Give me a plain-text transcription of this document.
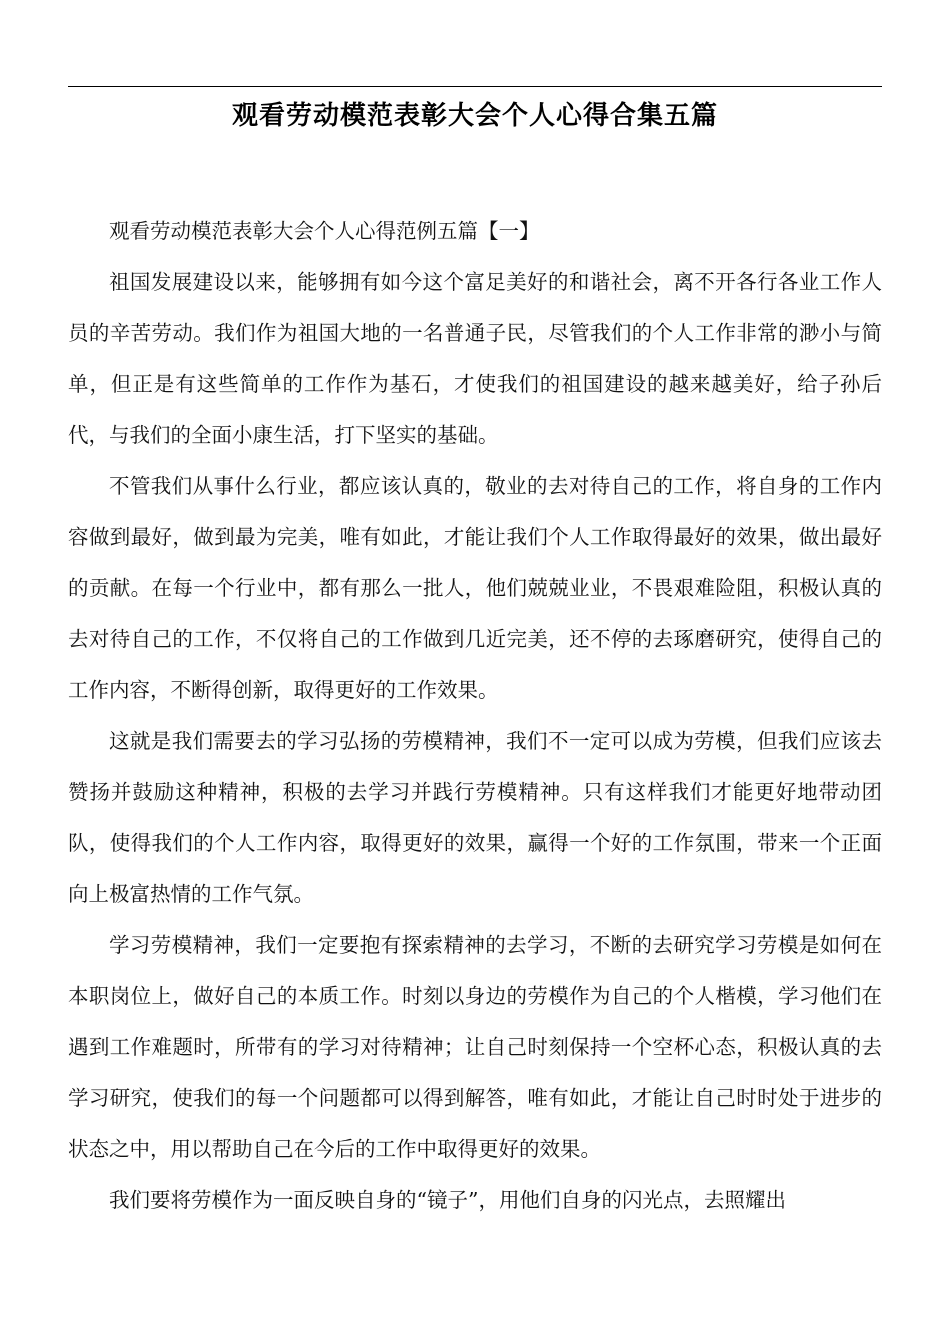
观看劳动模范表彰大会个人心得合集五篇

观看劳动模范表彰大会个人心得范例五篇【一】

祖国发展建设以来，能够拥有如今这个富足美好的和谐社会，离不开各行各业工作人员的辛苦劳动。我们作为祖国大地的一名普通子民，尽管我们的个人工作非常的渺小与简单，但正是有这些简单的工作作为基石，才使我们的祖国建设的越来越美好，给子孙后代，与我们的全面小康生活，打下坚实的基础。

不管我们从事什么行业，都应该认真的，敬业的去对待自己的工作，将自身的工作内容做到最好，做到最为完美，唯有如此，才能让我们个人工作取得最好的效果，做出最好的贡献。在每一个行业中，都有那么一批人，他们兢兢业业，不畏艰难险阻，积极认真的去对待自己的工作，不仅将自己的工作做到几近完美，还不停的去琢磨研究，使得自己的工作内容，不断得创新，取得更好的工作效果。

这就是我们需要去的学习弘扬的劳模精神，我们不一定可以成为劳模，但我们应该去赞扬并鼓励这种精神，积极的去学习并践行劳模精神。只有这样我们才能更好地带动团队，使得我们的个人工作内容，取得更好的效果，赢得一个好的工作氛围，带来一个正面向上极富热情的工作气氛。

学习劳模精神，我们一定要抱有探索精神的去学习，不断的去研究学习劳模是如何在本职岗位上，做好自己的本质工作。时刻以身边的劳模作为自己的个人楷模，学习他们在遇到工作难题时，所带有的学习对待精神；让自己时刻保持一个空杯心态，积极认真的去学习研究，使我们的每一个问题都可以得到解答，唯有如此，才能让自己时时处于进步的状态之中，用以帮助自己在今后的工作中取得更好的效果。

我们要将劳模作为一面反映自身的“镜子”，用他们自身的闪光点，去照耀出
